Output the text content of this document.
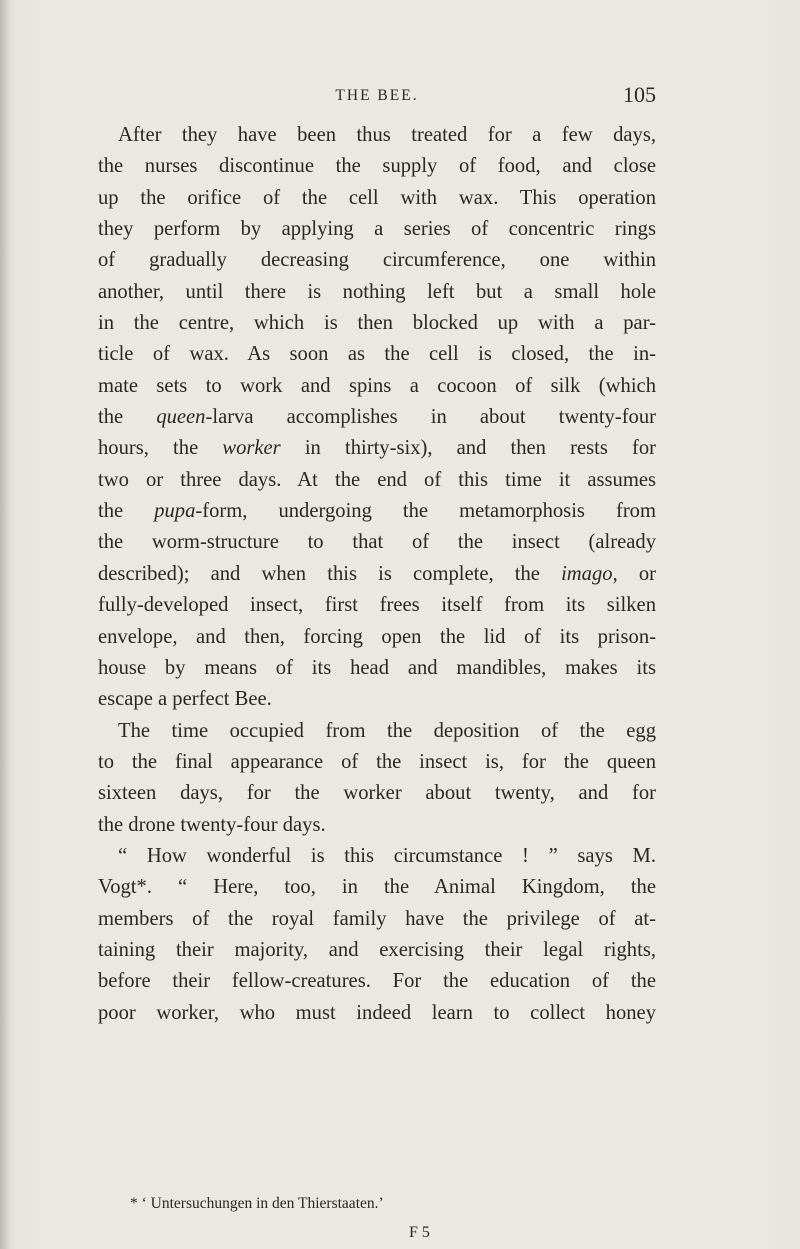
THE BEE.	105
After they have been thus treated for a few days,
the nurses discontinue the supply of food, and close
up the orifice of the cell with wax. This operation
they perform by applying a series of concentric rings
of gradually decreasing circumference, one within
another, until there is nothing left but a small hole
in the centre, which is then blocked up with a par-
ticle of wax. As soon as the cell is closed, the in-
mate sets to work and spins a cocoon of silk (which
the queen-larva accomplishes in about twenty-four
hours, the worker in thirty-six), and then rests for
two or three days. At the end of this time it assumes
the pupa-form, undergoing the metamorphosis from
the worm-structure to that of the insect (already
described); and when this is complete, the imago, or
fully-developed insect, first frees itself from its silken
envelope, and then, forcing open the lid of its prison-
house by means of its head and mandibles, makes its
escape a perfect Bee.
The time occupied from the deposition of the egg
to the final appearance of the insect is, for the queen
sixteen days, for the worker about twenty, and for
the drone twenty-four days.
“ How wonderful is this circumstance ! ” says M.
Vogt*. “ Here, too, in the Animal Kingdom, the
members of the royal family have the privilege of at-
taining their majority, and exercising their legal rights,
before their fellow-creatures. For the education of the
poor worker, who must indeed learn to collect honey
* ‘ Untersuchungen in den Thierstaaten.’
F 5
